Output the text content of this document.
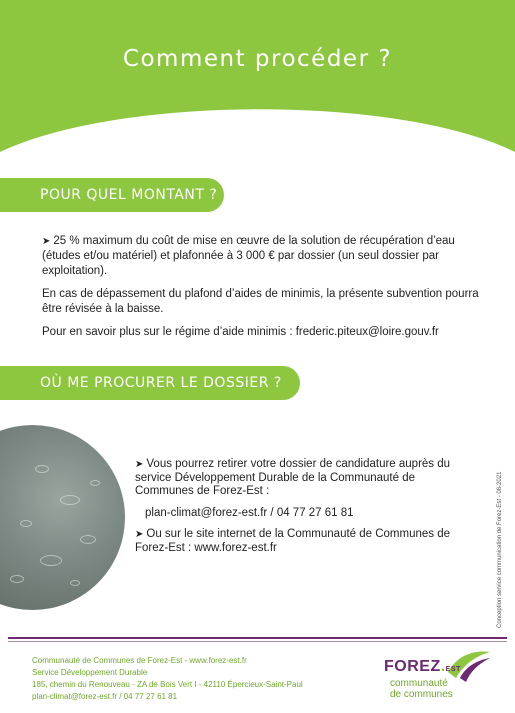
Comment procéder ?
POUR QUEL MONTANT ?

➤ 25 % maximum du coût de mise en œuvre de la solution de récupération d’eau (études et/ou matériel) et plafonnée à 3 000 € par dossier (un seul dossier par exploitation).

En cas de dépassement du plafond d’aides de minimis, la présente subvention pourra être révisée à la baisse.

Pour en savoir plus sur le régime d’aide minimis : frederic.piteux@loire.gouv.fr

OÙ ME PROCURER LE DOSSIER ?

➤ Vous pourrez retirer votre dossier de candidature auprès du service Développement Durable de la Communauté de Communes de Forez-Est :

plan-climat@forez-est.fr / 04 77 27 61 81

➤ Ou sur le site internet de la Communauté de Communes de Forez-Est : www.forez-est.fr	Conception service communication de Forez-Est - 06-2021
Communauté de Communes de Forez-Est - www.forez-est.fr
Service Développement Durable
185, chemin du Renouveau - ZA de Bois Vert I - 42110 Épercieux-Saint-Paul
plan-climat@forez-est.fr / 04 77 27 61 81
FOREZ.EST
communauté
de communes
